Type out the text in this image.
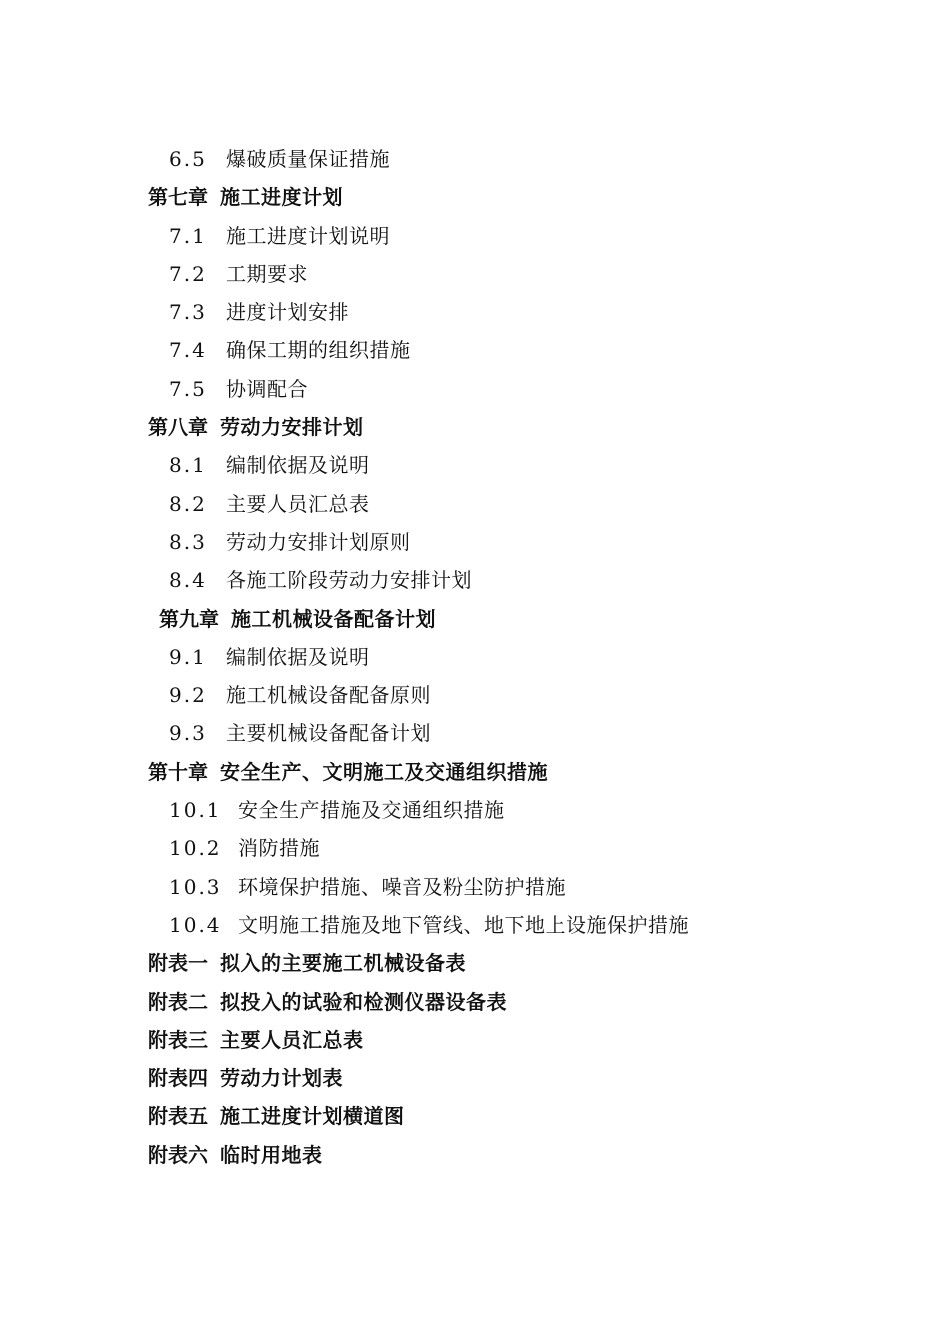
6.5 爆破质量保证措施
第七章 施工进度计划
7.1 施工进度计划说明
7.2 工期要求
7.3 进度计划安排
7.4 确保工期的组织措施
7.5 协调配合
第八章 劳动力安排计划
8.1 编制依据及说明
8.2 主要人员汇总表
8.3 劳动力安排计划原则
8.4 各施工阶段劳动力安排计划
第九章 施工机械设备配备计划
9.1 编制依据及说明
9.2 施工机械设备配备原则
9.3 主要机械设备配备计划
第十章 安全生产、文明施工及交通组织措施
10.1 安全生产措施及交通组织措施
10.2 消防措施
10.3 环境保护措施、噪音及粉尘防护措施
10.4 文明施工措施及地下管线、地下地上设施保护措施
附表一 拟入的主要施工机械设备表
附表二 拟投入的试验和检测仪器设备表
附表三 主要人员汇总表
附表四 劳动力计划表
附表五 施工进度计划横道图
附表六 临时用地表
